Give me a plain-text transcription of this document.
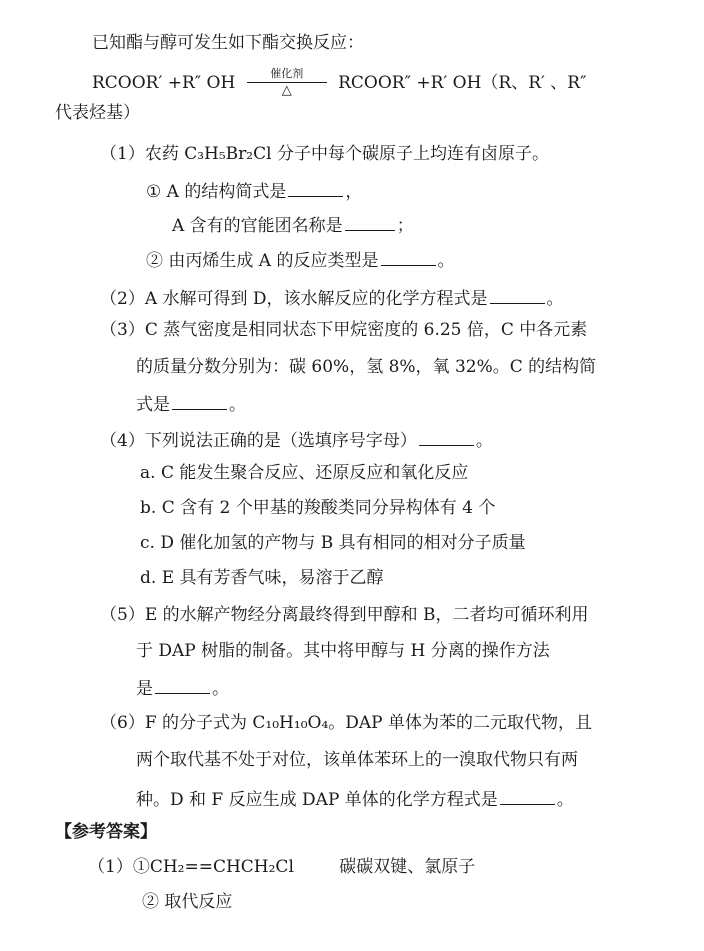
已知酯与醇可发生如下酯交换反应：
RCOOR′ +R″ OH	催化剂
△	RCOOR″ +R′ OH（R、R′ 、R″
代表烃基）
（1）农药 C₃H₅Br₂Cl 分子中每个碳原子上均连有卤原子。
① A 的结构简式是	，
A 含有的官能团名称是	；
② 由丙烯生成 A 的反应类型是	。
（2）A 水解可得到 D，该水解反应的化学方程式是	。
（3）C 蒸气密度是相同状态下甲烷密度的 6.25 倍，C 中各元素
的质量分数分别为：碳 60%，氢 8%，氧 32%。C 的结构简
式是	。
（4）下列说法正确的是（选填序号字母）	。
a. C 能发生聚合反应、还原反应和氧化反应
b. C 含有 2 个甲基的羧酸类同分异构体有 4 个
c. D 催化加氢的产物与 B 具有相同的相对分子质量
d. E 具有芳香气味，易溶于乙醇
（5）E 的水解产物经分离最终得到甲醇和 B，二者均可循环利用
于 DAP 树脂的制备。其中将甲醇与 H 分离的操作方法
是	。
（6）F 的分子式为 C₁₀H₁₀O₄。DAP 单体为苯的二元取代物，且
两个取代基不处于对位，该单体苯环上的一溴取代物只有两
种。D 和 F 反应生成 DAP 单体的化学方程式是	。
【参考答案】
（1）①CH₂==CHCH₂Cl	碳碳双键、氯原子
② 取代反应
